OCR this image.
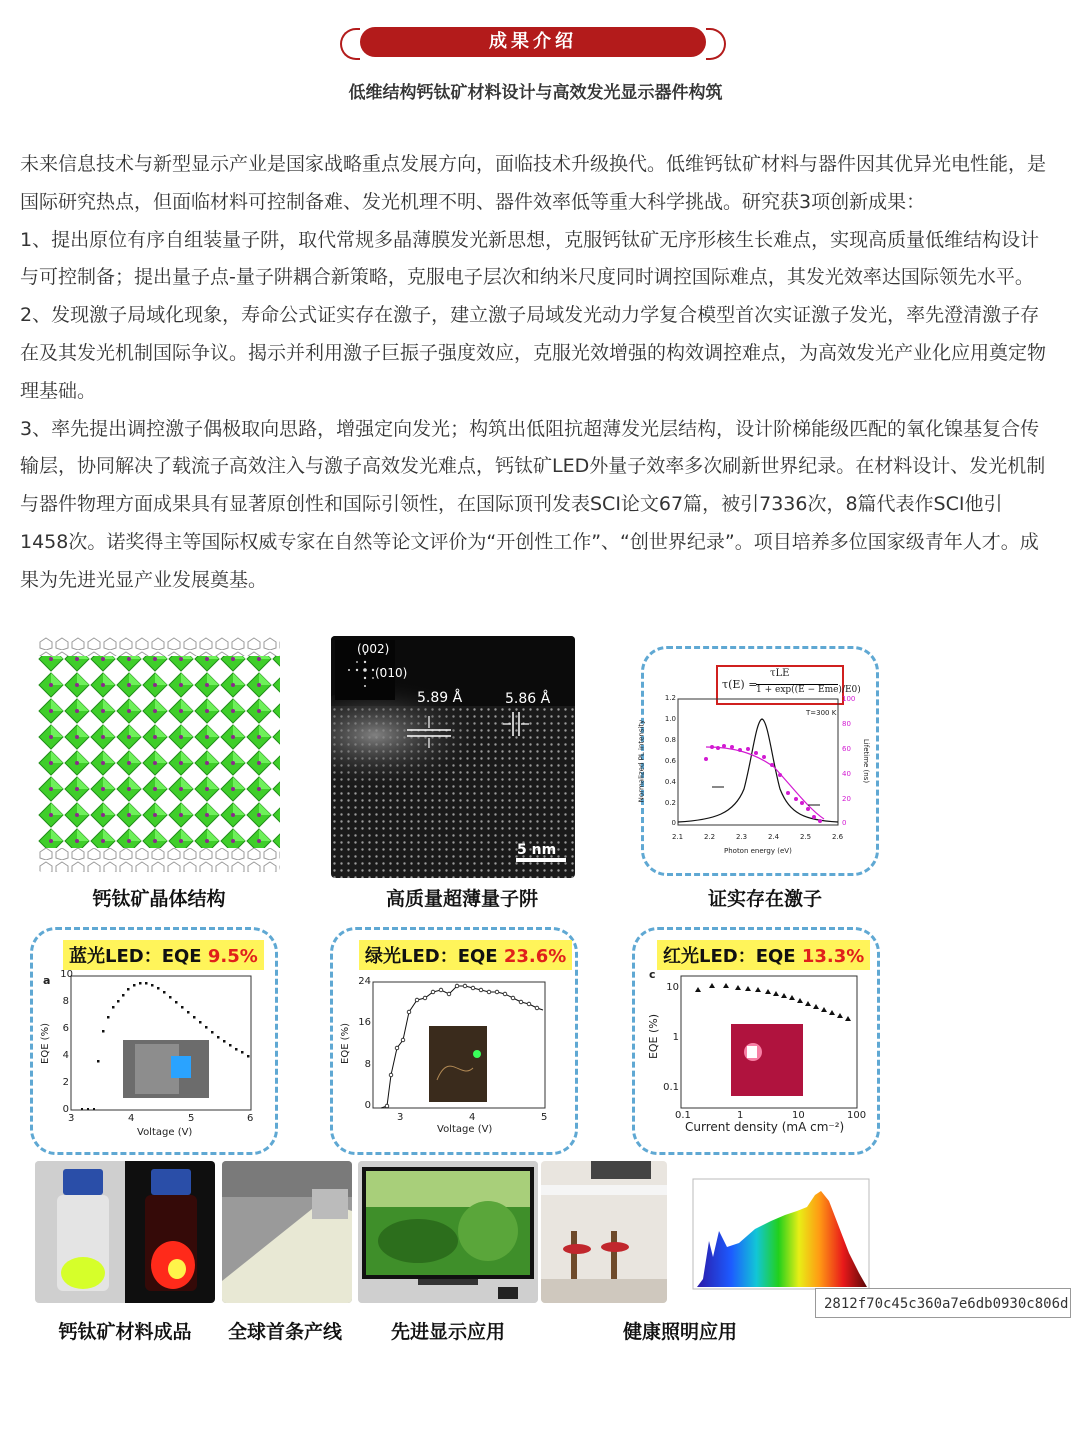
成果介绍
低维结构钙钛矿材料设计与高效发光显示器件构筑

未来信息技术与新型显示产业是国家战略重点发展方向，面临技术升级换代。低维钙钛矿材料与器件因其优异光电性能，是国际研究热点，但面临材料可控制备难、发光机理不明、器件效率低等重大科学挑战。研究获3项创新成果：

1、提出原位有序自组装量子阱，取代常规多晶薄膜发光新思想，克服钙钛矿无序形核生长难点，实现高质量低维结构设计与可控制备；提出量子点-量子阱耦合新策略，克服电子层次和纳米尺度同时调控国际难点，其发光效率达国际领先水平。

2、发现激子局域化现象，寿命公式证实存在激子，建立激子局域发光动力学复合模型首次实证激子发光，率先澄清激子存在及其发光机制国际争议。揭示并利用激子巨振子强度效应，克服光效增强的构效调控难点，为高效发光产业化应用奠定物理基础。

3、率先提出调控激子偶极取向思路，增强定向发光；构筑出低阻抗超薄发光层结构，设计阶梯能级匹配的氧化镍基复合传输层，协同解决了载流子高效注入与激子高效发光难点，钙钛矿LED外量子效率多次刷新世界纪录。在材料设计、发光机制与器件物理方面成果具有显著原创性和国际引领性，在国际顶刊发表SCI论文67篇，被引7336次，8篇代表作SCI他引1458次。诺奖得主等国际权威专家在自然等论文评价为“开创性工作”、“创世界纪录”。项目培养多位国家级青年人才。成果为先进光显产业发展奠基。

钙钛矿晶体结构
(002)
(010)
5.89 Å	5.86 Å
5 nm
高质量超薄量子阱
τ(E) =
τLE
1 + exp((E − Eme)/E0)
T=300 K
0
0.2
0.4
0.6
0.8
1.0
1.2
0
20
40
60
80
100
2.1	2.2	2.3	2.4	2.5	2.6
Photon energy (eV)
Normalized PL intensity	Lifetime (ns)
证实存在激子
蓝光LED：EQE 9.5%
a
0
2
4
6
8
10
3	4	5	6
Voltage (V)
EQE (%)
绿光LED：EQE 23.6%
0
8
16
24
3	4	5
Voltage (V)
EQE (%)
红光LED：EQE 13.3%
c
0.1
1
10
0.1	1	10	100
Current density (mA cm⁻²)
EQE (%)
2812f70c45c360a7e6db0930c806d
钙钛矿材料成品	全球首条产线	先进显示应用	健康照明应用
